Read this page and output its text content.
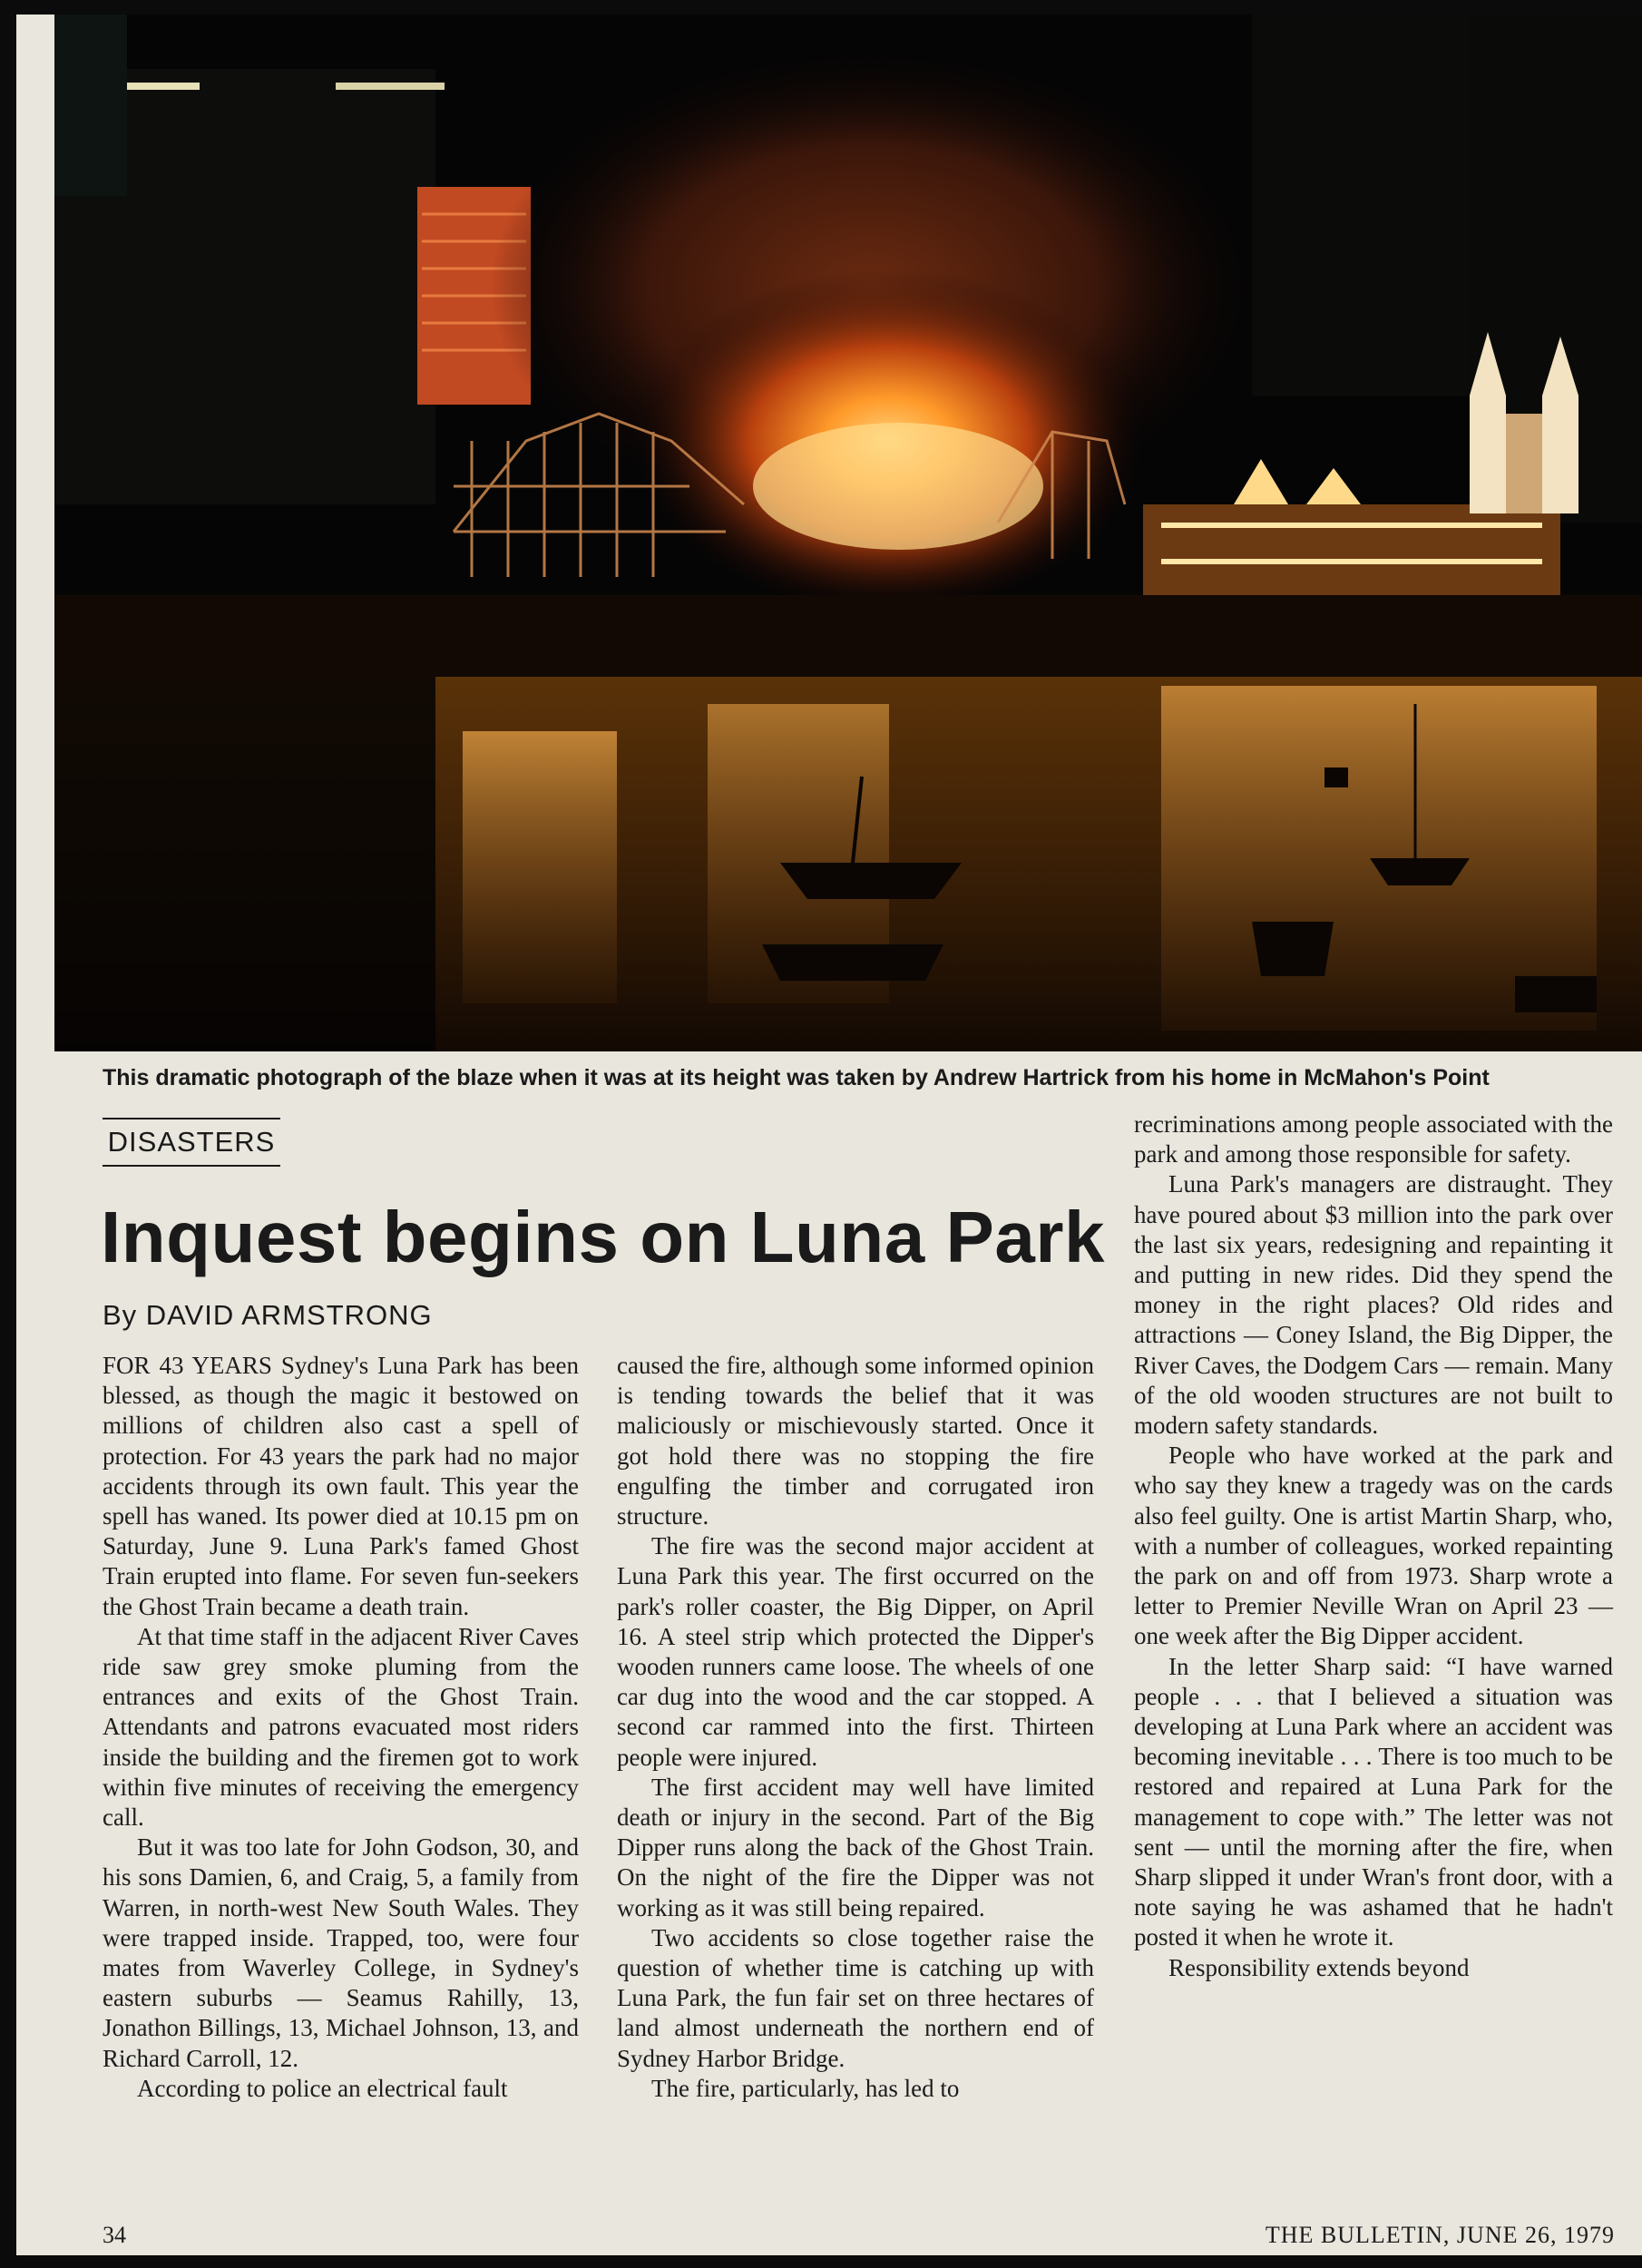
This dramatic photograph of the blaze when it was at its height was taken by Andrew Hartrick from his home in McMahon's Point
DISASTERS
Inquest begins on Luna Park
By DAVID ARMSTRONG

FOR 43 YEARS Sydney's Luna Park has been blessed, as though the magic it bestowed on millions of children also cast a spell of protection. For 43 years the park had no major accidents through its own fault. This year the spell has waned. Its power died at 10.15 pm on Saturday, June 9. Luna Park's famed Ghost Train erupted into flame. For seven fun-seekers the Ghost Train became a death train.

At that time staff in the adjacent River Caves ride saw grey smoke pluming from the entrances and exits of the Ghost Train. Attendants and patrons evacuated most riders inside the building and the firemen got to work within five minutes of receiving the emergency call.

But it was too late for John Godson, 30, and his sons Damien, 6, and Craig, 5, a family from Warren, in north-west New South Wales. They were trapped inside. Trapped, too, were four mates from Waverley College, in Sydney's eastern suburbs — Seamus Rahilly, 13, Jonathon Billings, 13, Michael Johnson, 13, and Richard Carroll, 12.

According to police an electrical fault

caused the fire, although some informed opinion is tending towards the belief that it was maliciously or mischievously started. Once it got hold there was no stopping the fire engulfing the timber and corrugated iron structure.

The fire was the second major accident at Luna Park this year. The first occurred on the park's roller coaster, the Big Dipper, on April 16. A steel strip which protected the Dipper's wooden runners came loose. The wheels of one car dug into the wood and the car stopped. A second car rammed into the first. Thirteen people were injured.

The first accident may well have limited death or injury in the second. Part of the Big Dipper runs along the back of the Ghost Train. On the night of the fire the Dipper was not working as it was still being repaired.

Two accidents so close together raise the question of whether time is catching up with Luna Park, the fun fair set on three hectares of land almost underneath the northern end of Sydney Harbor Bridge.

The fire, particularly, has led to

recriminations among people associated with the park and among those responsible for safety.

Luna Park's managers are distraught. They have poured about $3 million into the park over the last six years, redesigning and repainting it and putting in new rides. Did they spend the money in the right places? Old rides and attractions — Coney Island, the Big Dipper, the River Caves, the Dodgem Cars — remain. Many of the old wooden structures are not built to modern safety standards.

People who have worked at the park and who say they knew a tragedy was on the cards also feel guilty. One is artist Martin Sharp, who, with a number of colleagues, worked repainting the park on and off from 1973. Sharp wrote a letter to Premier Neville Wran on April 23 — one week after the Big Dipper accident.

In the letter Sharp said: “I have warned people . . . that I believed a situation was developing at Luna Park where an accident was becoming inevitable . . . There is too much to be restored and repaired at Luna Park for the management to cope with.” The letter was not sent — until the morning after the fire, when Sharp slipped it under Wran's front door, with a note saying he was ashamed that he hadn't posted it when he wrote it.

Responsibility extends beyond

34	THE BULLETIN, JUNE 26, 1979
